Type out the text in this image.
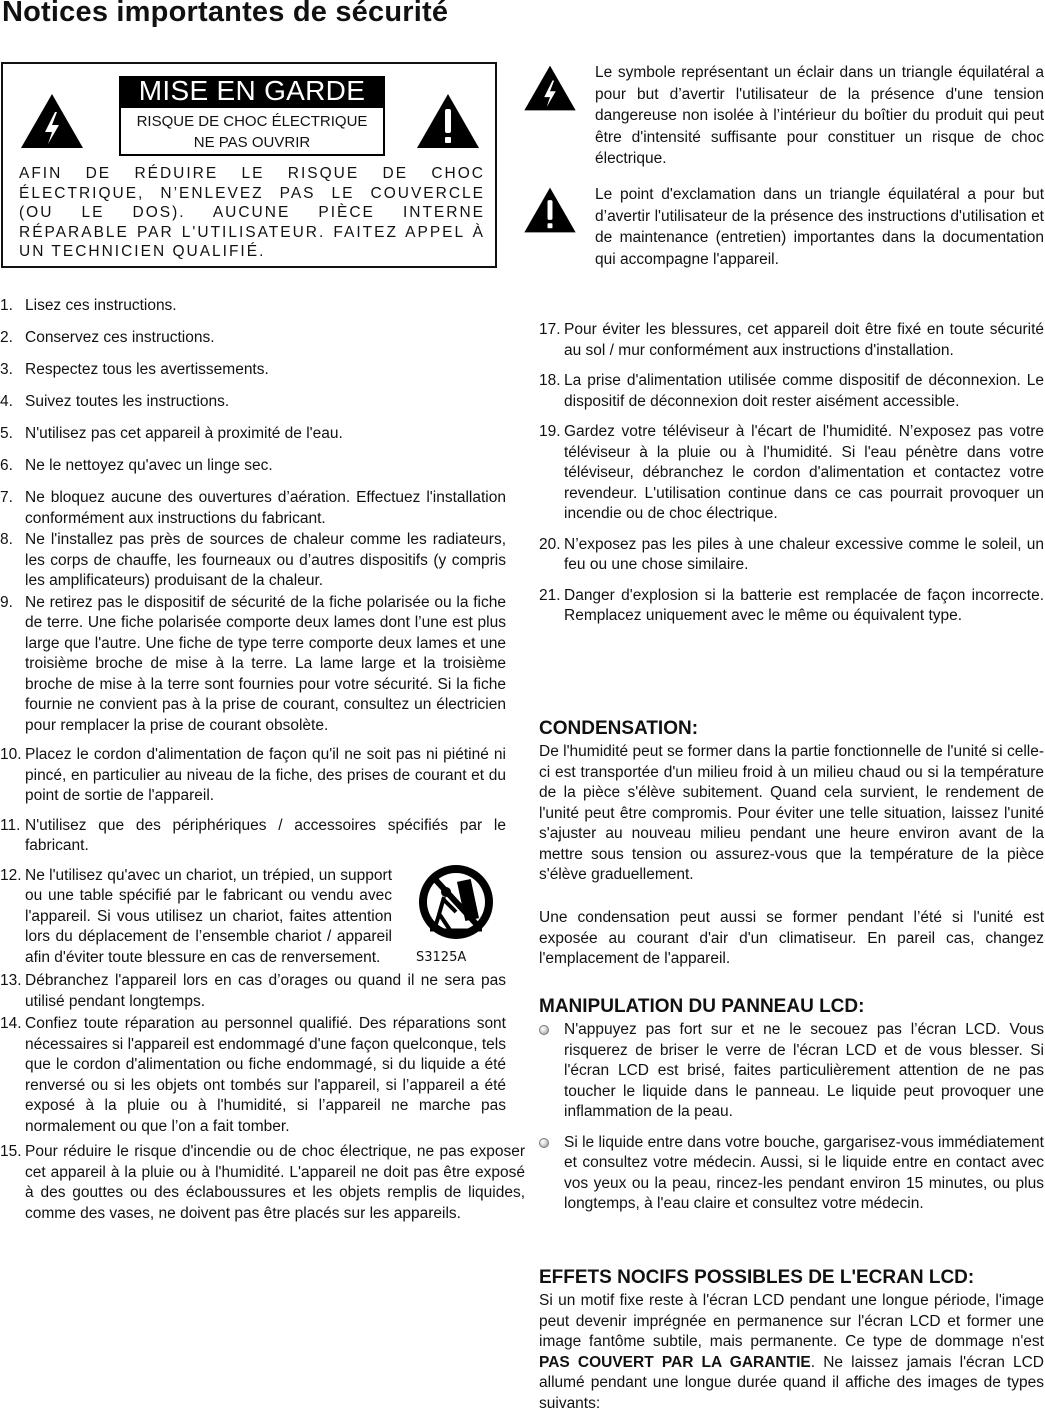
Notices importantes de sécurité
MISE EN GARDE
RISQUE DE CHOC ÉLECTRIQUE
NE PAS OUVRIR

AFIN DE RÉDUIRE LE RISQUE DE CHOC ÉLECTRIQUE, N’ENLEVEZ PAS LE COUVERCLE (OU LE DOS). AUCUNE PIÈCE INTERNE RÉPARABLE PAR L'UTILISATEUR. FAITEZ APPEL À UN TECHNICIEN QUALIFIÉ.

Le symbole représentant un éclair dans un triangle équilatéral a pour but d’avertir l'utilisateur de la présence d'une tension dangereuse non isolée à l’intérieur du boîtier du produit qui peut être d'intensité suffisante pour constituer un risque de choc électrique.

Le point d'exclamation dans un triangle équilatéral a pour but d’avertir l'utilisateur de la présence des instructions d'utilisation et de maintenance (entretien) importantes dans la documentation qui accompagne l'appareil.

1. Lisez ces instructions.
2. Conservez ces instructions.
3. Respectez tous les avertissements.
4. Suivez toutes les instructions.
5. N'utilisez pas cet appareil à proximité de l'eau.
6. Ne le nettoyez qu'avec un linge sec.
7. Ne bloquez aucune des ouvertures d’aération. Effectuez l'installation conformément aux instructions du fabricant.
8. Ne l'installez pas près de sources de chaleur comme les radiateurs, les corps de chauffe, les fourneaux ou d’autres dispositifs (y compris les amplificateurs) produisant de la chaleur.
9. Ne retirez pas le dispositif de sécurité de la fiche polarisée ou la fiche de terre. Une fiche polarisée comporte deux lames dont l’une est plus large que l'autre. Une fiche de type terre comporte deux lames et une troisième broche de mise à la terre. La lame large et la troisième broche de mise à la terre sont fournies pour votre sécurité. Si la fiche fournie ne convient pas à la prise de courant, consultez un électricien pour remplacer la prise de courant obsolète.
10. Placez le cordon d'alimentation de façon qu'il ne soit pas ni piétiné ni pincé, en particulier au niveau de la fiche, des prises de courant et du point de sortie de l'appareil.
11. N'utilisez que des périphériques / accessoires spécifiés par le fabricant.
12.
S3125A
Ne l'utilisez qu'avec un chariot, un trépied, un support ou une table spécifié par le fabricant ou vendu avec l'appareil. Si vous utilisez un chariot, faites attention lors du déplacement de l’ensemble chariot / appareil afin d'éviter toute blessure en cas de renversement.
13. Débranchez l'appareil lors en cas d’orages ou quand il ne sera pas utilisé pendant longtemps.
14. Confiez toute réparation au personnel qualifié. Des réparations sont nécessaires si l'appareil est endommagé d'une façon quelconque, tels que le cordon d'alimentation ou fiche endommagé, si du liquide a été renversé ou si les objets ont tombés sur l'appareil, si l’appareil a été exposé à la pluie ou à l'humidité, si l’appareil ne marche pas normalement ou que l’on a fait tomber.
15. Pour réduire le risque d'incendie ou de choc électrique, ne pas exposer cet appareil à la pluie ou à l'humidité. L'appareil ne doit pas être exposé à des gouttes ou des éclaboussures et les objets remplis de liquides, comme des vases, ne doivent pas être placés sur les appareils.
17. Pour éviter les blessures, cet appareil doit être fixé en toute sécurité au sol / mur conformément aux instructions d'installation.
18. La prise d'alimentation utilisée comme dispositif de déconnexion. Le dispositif de déconnexion doit rester aisément accessible.
19. Gardez votre téléviseur à l'écart de l'humidité. N’exposez pas votre téléviseur à la pluie ou à l'humidité. Si l'eau pénètre dans votre téléviseur, débranchez le cordon d'alimentation et contactez votre revendeur. L'utilisation continue dans ce cas pourrait provoquer un incendie ou de choc électrique.
20. N’exposez pas les piles à une chaleur excessive comme le soleil, un feu ou une chose similaire.
21. Danger d'explosion si la batterie est remplacée de façon incorrecte. Remplacez uniquement avec le même ou équivalent type.
CONDENSATION:

De l'humidité peut se former dans la partie fonctionnelle de l'unité si celle-ci est transportée d'un milieu froid à un milieu chaud ou si la température de la pièce s'élève subitement. Quand cela survient, le rendement de l'unité peut être compromis. Pour éviter une telle situation, laissez l'unité s'ajuster au nouveau milieu pendant une heure environ avant de la mettre sous tension ou assurez-vous que la température de la pièce s'élève graduellement.

Une condensation peut aussi se former pendant l’été si l'unité est exposée au courant d'air d'un climatiseur. En pareil cas, changez l'emplacement de l'appareil.

MANIPULATION DU PANNEAU LCD:
N'appuyez pas fort sur et ne le secouez pas l’écran LCD. Vous risquerez de briser le verre de l'écran LCD et de vous blesser. Si l'écran LCD est brisé, faites particulièrement attention de ne pas toucher le liquide dans le panneau. Le liquide peut provoquer une inflammation de la peau.
Si le liquide entre dans votre bouche, gargarisez-vous immédiatement et consultez votre médecin. Aussi, si le liquide entre en contact avec vos yeux ou la peau, rincez-les pendant environ 15 minutes, ou plus longtemps, à l'eau claire et consultez votre médecin.
EFFETS NOCIFS POSSIBLES DE L'ECRAN LCD:

Si un motif fixe reste à l'écran LCD pendant une longue période, l'image peut devenir imprégnée en permanence sur l'écran LCD et former une image fantôme subtile, mais permanente. Ce type de dommage n'est PAS COUVERT PAR LA GARANTIE. Ne laissez jamais l'écran LCD allumé pendant une longue durée quand il affiche des images de types suivants:
